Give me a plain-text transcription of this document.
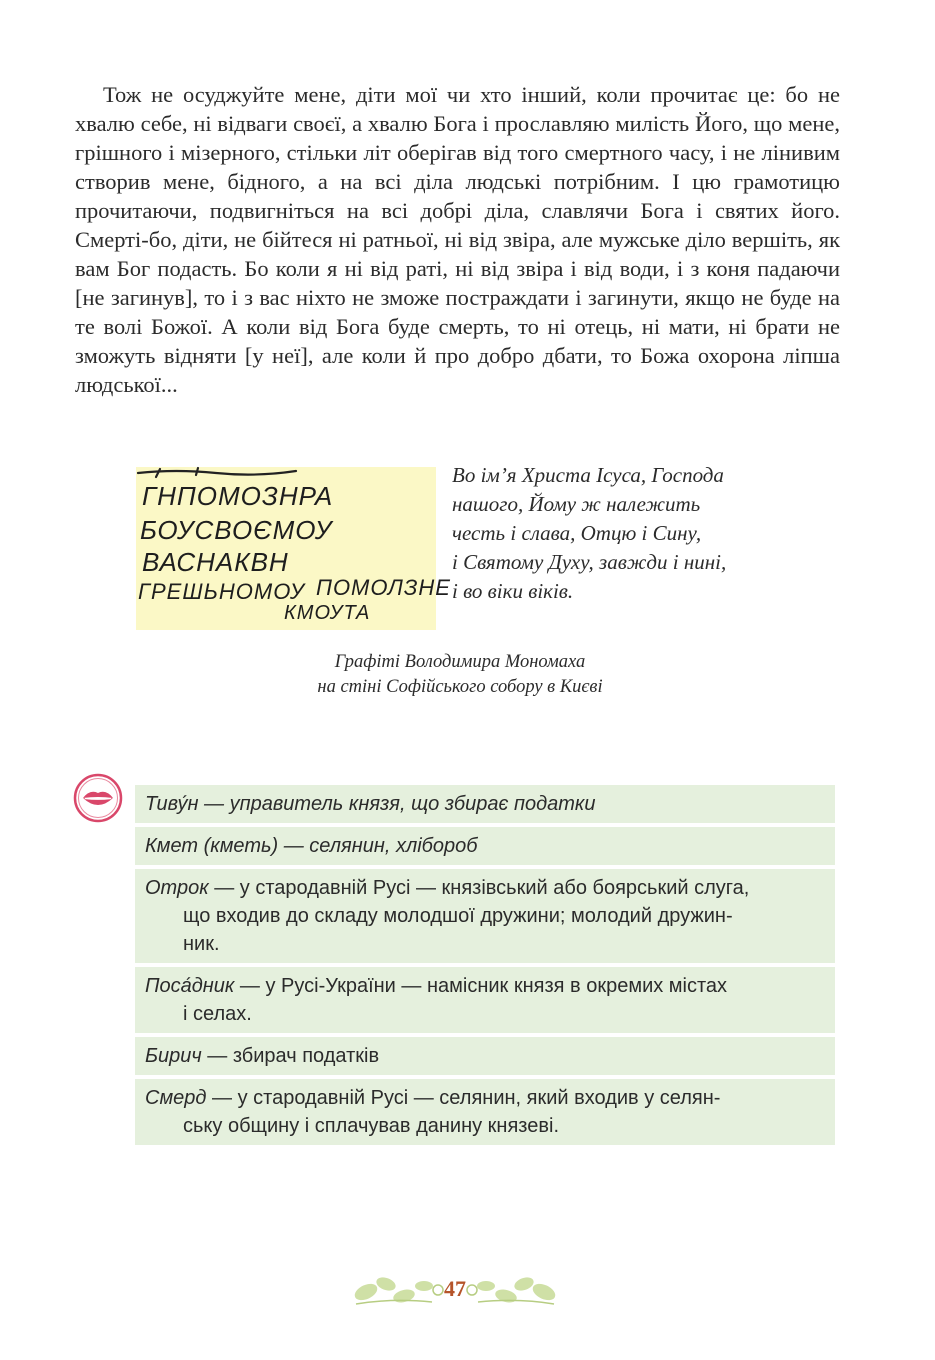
Тож не осуджуйте мене, діти мої чи хто інший, коли прочитає це: бо не хвалю себе, ні відваги своєї, а хвалю Бога і прославляю милість Його, що мене, грішного і мізерного, стільки літ оберігав від того смертного часу, і не лінивим створив мене, бідного, а на всі діла людські потрібним. І цю грамотицю прочитаючи, подвигніться на всі добрі діла, славлячи Бога і святих його. Смерті-бо, діти, не бійтеся ні ратньої, ні від звіра, але мужське діло вершіть, як вам Бог подасть. Бо коли я ні від раті, ні від звіра і від води, і з коня падаючи [не загинув], то і з вас ніхто не зможе постраждати і загинути, якщо не буде на те волі Божої. А коли від Бога буде смерть, то ні отець, ні мати, ні брати не зможуть відняти [у неї], але коли й про добро дбати, то Божа охорона ліпша людської...

ГНПОМОЗНРА
БОУСВОЄМОУ
ВАСНАКВН
ГРЕШЬНОМОУ ПОМОЛЗНЕ
КМОУТА
Во ім’я Христа Ісуса, Господа
нашого, Йому ж належить
честь і слава, Отцю і Сину,
і Святому Духу, завжди і нині,
і во віки віків.
Графіті Володимира Мономаха
на стіні Софійського собору в Києві
Тиву́н — управитель князя, що збирає податки
Кмет (кметь) — селянин, хлібороб
Отрок — у стародавній Русі — князівський або боярський слуга,
що входив до складу молодшої дружини; молодий дружин-
ник.
Поса́дник — у Русі-України — намісник князя в окремих містах
і селах.
Бирич — збирач податків
Смерд — у стародавній Русі — селянин, який входив у селян-
ську общину і сплачував данину князеві.
47
